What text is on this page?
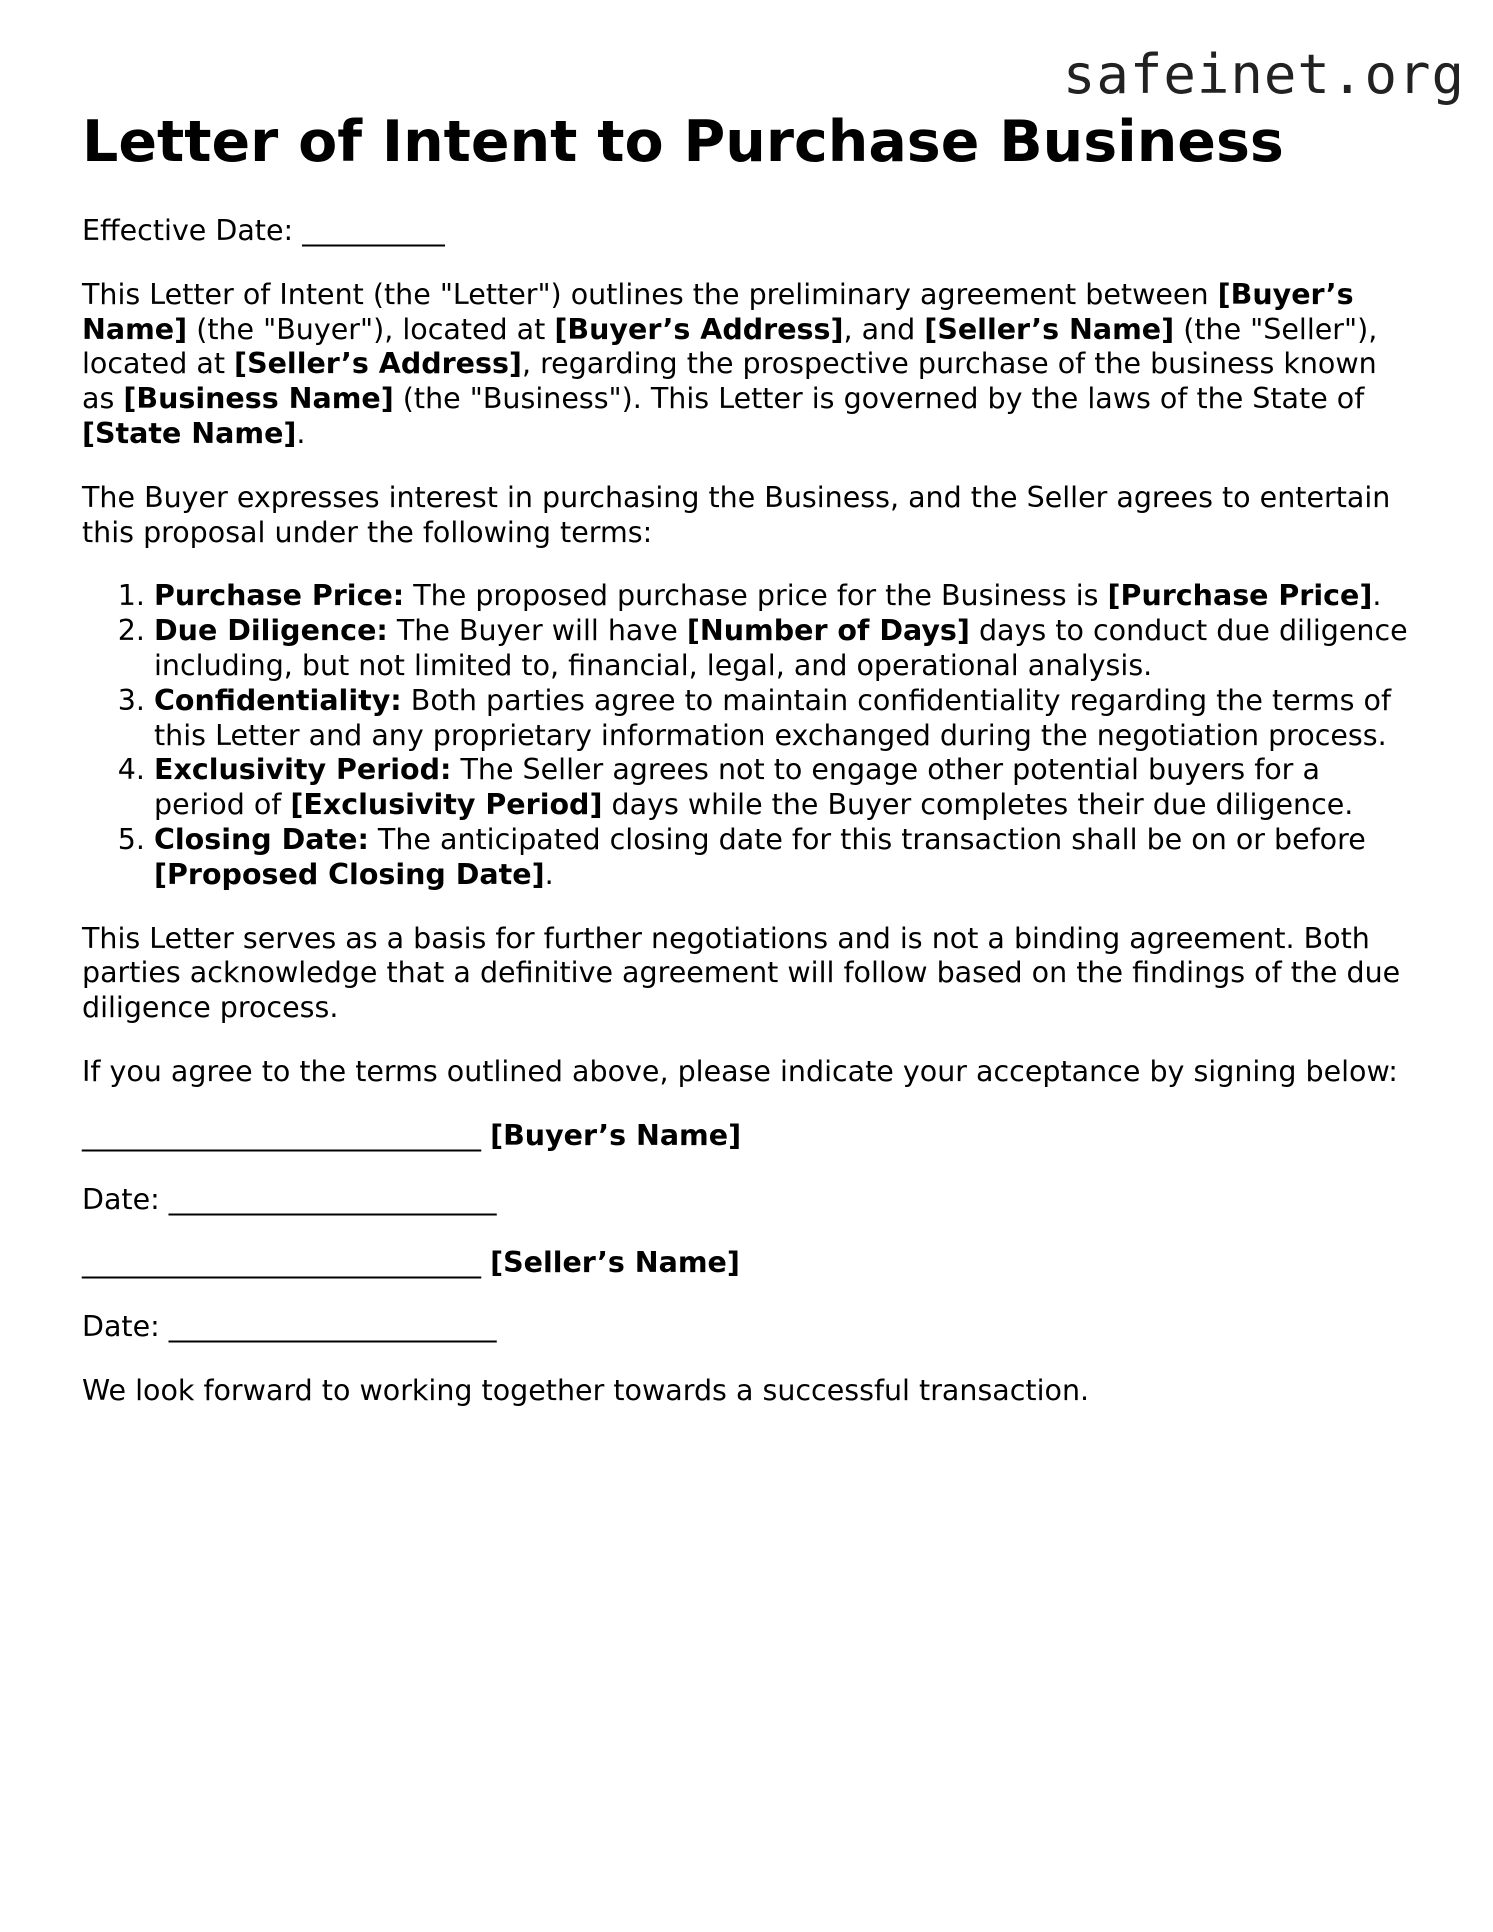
safeinet.org
Letter of Intent to Purchase Business

Effective Date: __________

This Letter of Intent (the "Letter") outlines the preliminary agreement between [Buyer’s Name] (the "Buyer"), located at [Buyer’s Address], and [Seller’s Name] (the "Seller"), located at [Seller’s Address], regarding the prospective purchase of the business known as [Business Name] (the "Business"). This Letter is governed by the laws of the State of [State Name].

The Buyer expresses interest in purchasing the Business, and the Seller agrees to entertain this proposal under the following terms:

1. Purchase Price: The proposed purchase price for the Business is [Purchase Price].
2. Due Diligence: The Buyer will have [Number of Days] days to conduct due diligence including, but not limited to, financial, legal, and operational analysis.
3. Confidentiality: Both parties agree to maintain confidentiality regarding the terms of this Letter and any proprietary information exchanged during the negotiation process.
4. Exclusivity Period: The Seller agrees not to engage other potential buyers for a period of [Exclusivity Period] days while the Buyer completes their due diligence.
5. Closing Date: The anticipated closing date for this transaction shall be on or before [Proposed Closing Date].

This Letter serves as a basis for further negotiations and is not a binding agreement. Both parties acknowledge that a definitive agreement will follow based on the findings of the due diligence process.

If you agree to the terms outlined above, please indicate your acceptance by signing below:

____________________________ [Buyer’s Name]

Date: _______________________

____________________________ [Seller’s Name]

Date: _______________________

We look forward to working together towards a successful transaction.
